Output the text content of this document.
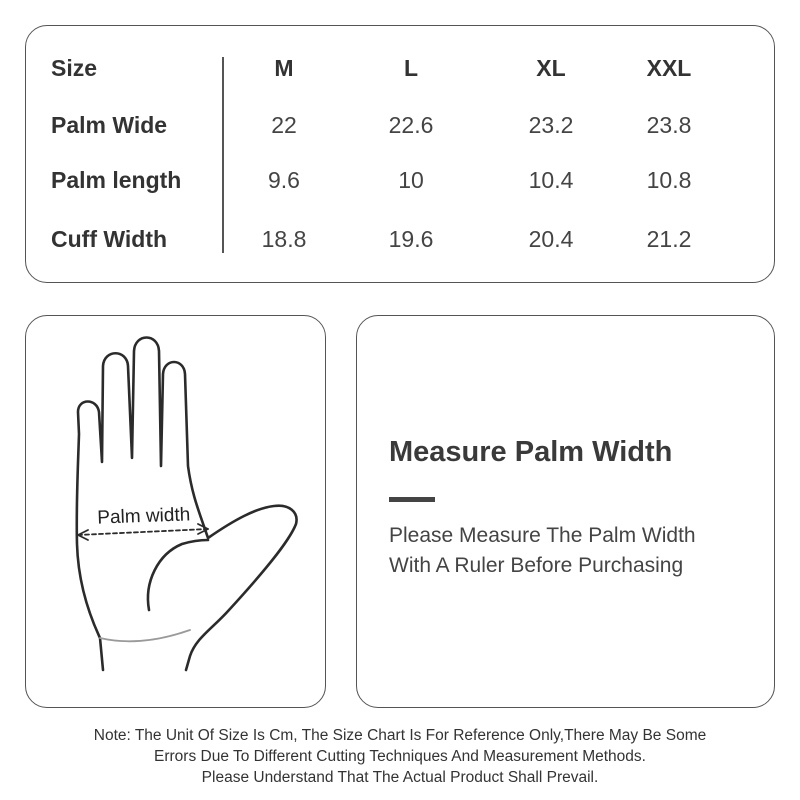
Size	M	L	XL	XXL
Palm Wide	22	22.6	23.2	23.8
Palm length	9.6	10	10.4	10.8
Cuff Width	18.8	19.6	20.4	21.2
Palm width
Measure Palm Width
Please Measure The Palm Width
With A Ruler Before Purchasing
Note: The Unit Of Size Is Cm, The Size Chart Is For Reference Only,There May Be Some
Errors Due To Different Cutting Techniques And Measurement Methods.
Please Understand That The Actual Product Shall Prevail.
